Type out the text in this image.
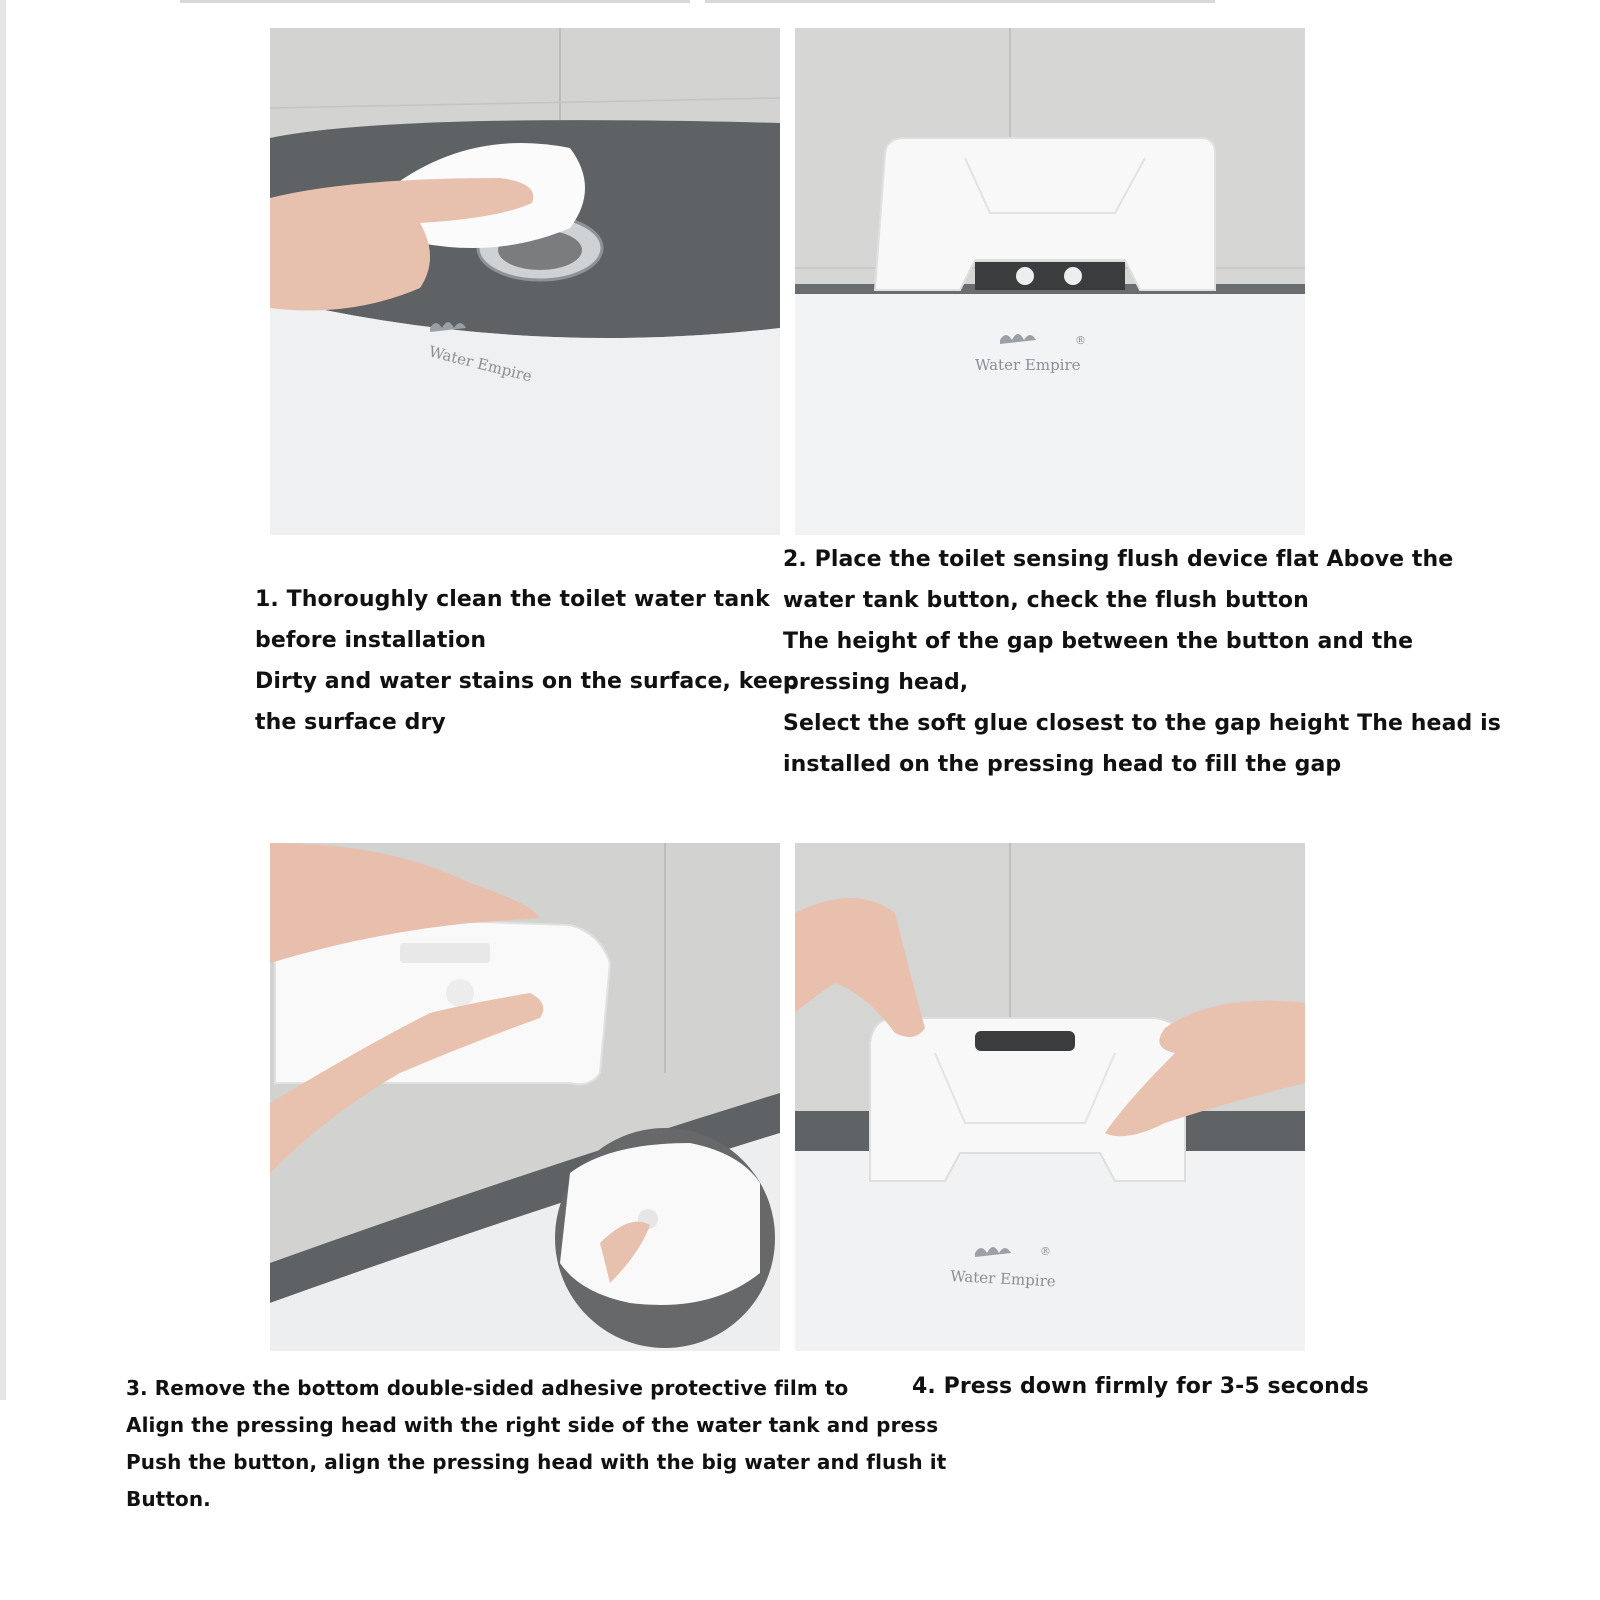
Water Empire	Water Empire
®
1. Thoroughly clean the toilet water tank
before installation
Dirty and water stains on the surface, keep
the surface dry
2. Place the toilet sensing flush device flat Above the
water tank button, check the flush button
The height of the gap between the button and the
pressing head,
Select the soft glue closest to the gap height The head is
installed on the pressing head to fill the gap
Water Empire
®
3. Remove the bottom double-sided adhesive protective film to
Align the pressing head with the right side of the water tank and press
Push the button, align the pressing head with the big water and flush it
Button.
4. Press down firmly for 3-5 seconds
